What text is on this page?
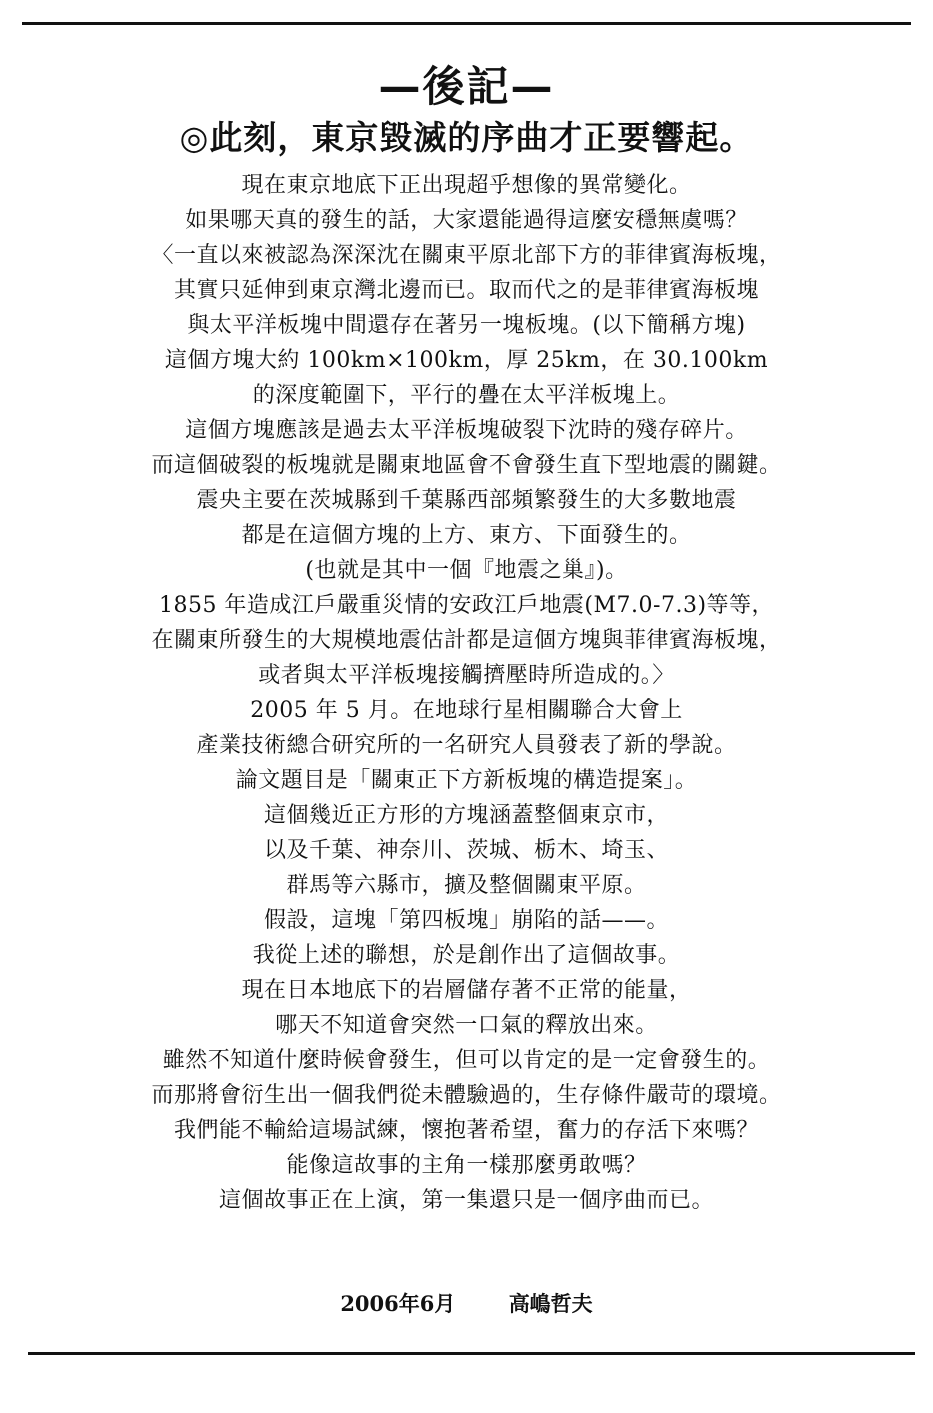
—後記—
◎此刻，東京毀滅的序曲才正要響起。
現在東京地底下正出現超乎想像的異常變化。
如果哪天真的發生的話，大家還能過得這麼安穩無虞嗎？
〈一直以來被認為深深沈在關東平原北部下方的菲律賓海板塊，
其實只延伸到東京灣北邊而已。取而代之的是菲律賓海板塊
與太平洋板塊中間還存在著另一塊板塊。(以下簡稱方塊)
這個方塊大約 100km×100km，厚 25km，在 30.100km
的深度範圍下，平行的疊在太平洋板塊上。
這個方塊應該是過去太平洋板塊破裂下沈時的殘存碎片。
而這個破裂的板塊就是關東地區會不會發生直下型地震的關鍵。
震央主要在茨城縣到千葉縣西部頻繁發生的大多數地震
都是在這個方塊的上方、東方、下面發生的。
(也就是其中一個『地震之巢』)。
1855 年造成江戶嚴重災情的安政江戶地震(M7.0-7.3)等等，
在關東所發生的大規模地震估計都是這個方塊與菲律賓海板塊，
或者與太平洋板塊接觸擠壓時所造成的。〉
2005 年 5 月。在地球行星相關聯合大會上
產業技術總合研究所的一名研究人員發表了新的學說。
論文題目是「關東正下方新板塊的構造提案」。
這個幾近正方形的方塊涵蓋整個東京市，
以及千葉、神奈川、茨城、栃木、埼玉、
群馬等六縣市，擴及整個關東平原。
假設，這塊「第四板塊」崩陷的話——。
我從上述的聯想，於是創作出了這個故事。
現在日本地底下的岩層儲存著不正常的能量，
哪天不知道會突然一口氣的釋放出來。
雖然不知道什麼時候會發生，但可以肯定的是一定會發生的。
而那將會衍生出一個我們從未體驗過的，生存條件嚴苛的環境。
我們能不輸給這場試練，懷抱著希望，奮力的存活下來嗎？
能像這故事的主角一樣那麼勇敢嗎？
這個故事正在上演，第一集還只是一個序曲而已。
2006年6月	高嶋哲夫
